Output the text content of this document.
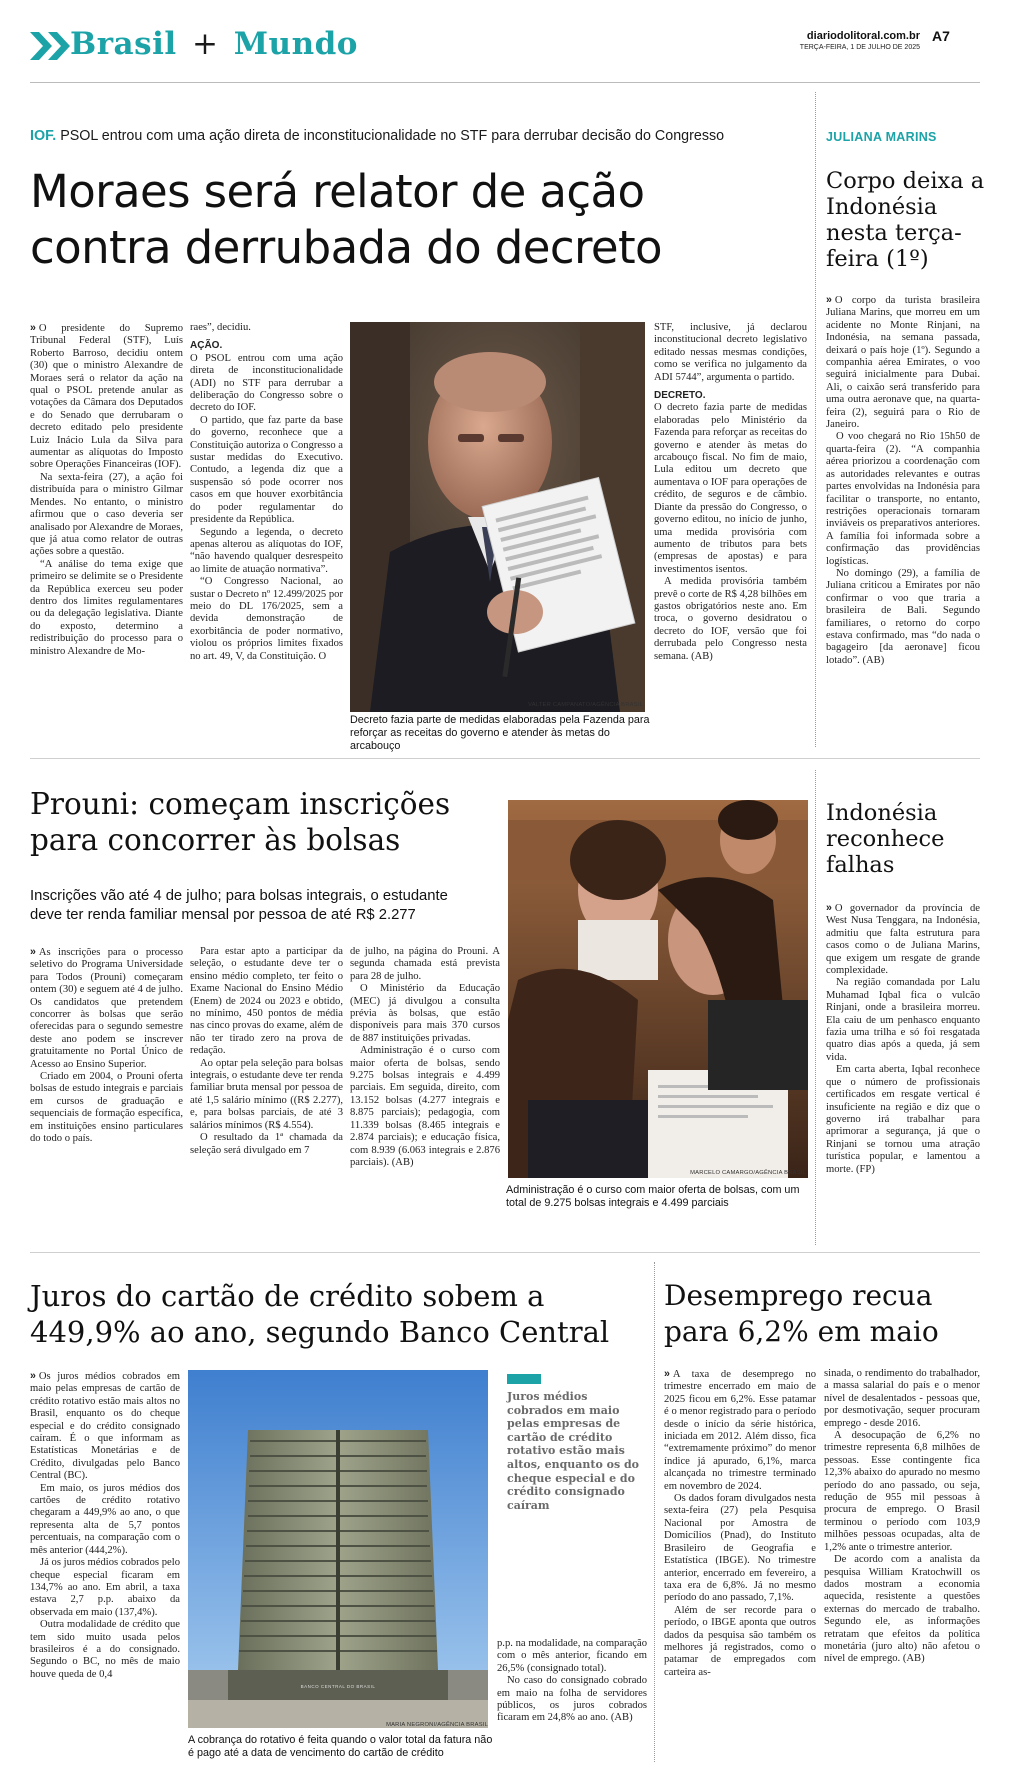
Brasil + Mundo	diariodolitoral.com.br
TERÇA-FEIRA, 1 DE JULHO DE 2025
A7
IOF. PSOL entrou com uma ação direta de inconstitucionalidade no STF para derrubar decisão do Congresso
Moraes será relator de ação
contra derrubada do decreto

» O presidente do Supremo Tribunal Federal (STF), Luís Roberto Barroso, decidiu ontem (30) que o ministro Alexandre de Moraes será o relator da ação na qual o PSOL pretende anular as votações da Câmara dos Deputados e do Senado que derrubaram o decreto editado pelo presidente Luiz Inácio Lula da Silva para aumentar as alíquotas do Imposto sobre Operações Financeiras (IOF).

Na sexta-feira (27), a ação foi distribuída para o ministro Gilmar Mendes. No entanto, o ministro afirmou que o caso deveria ser analisado por Alexandre de Moraes, que já atua como relator de outras ações sobre a questão.

“A análise do tema exige que primeiro se delimite se o Presidente da República exerceu seu poder dentro dos limites regulamentares ou da delegação legislativa. Diante do exposto, determino a redistribuição do processo para o ministro Alexandre de Mo-

raes”, decidiu.

AÇÃO.

O PSOL entrou com uma ação direta de inconstitucionalidade (ADI) no STF para derrubar a deliberação do Congresso sobre o decreto do IOF.

O partido, que faz parte da base do governo, reconhece que a Constituição autoriza o Congresso a sustar medidas do Executivo. Contudo, a legenda diz que a suspensão só pode ocorrer nos casos em que houver exorbitância do poder regulamentar do presidente da República.

Segundo a legenda, o decreto apenas alterou as alíquotas do IOF, “não havendo qualquer desrespeito ao limite de atuação normativa”.

“O Congresso Nacional, ao sustar o Decreto nº 12.499/2025 por meio do DL 176/2025, sem a devida demonstração de exorbitância de poder normativo, violou os próprios limites fixados no art. 49, V, da Constituição. O

VALTER CAMPANATO/AGÊNCIA BRASIL
Decreto fazia parte de medidas elaboradas pela Fazenda para reforçar as receitas do governo e atender às metas do arcabouço

STF, inclusive, já declarou inconstitucional decreto legislativo editado nessas mesmas condições, como se verifica no julgamento da ADI 5744”, argumenta o partido.

DECRETO.

O decreto fazia parte de medidas elaboradas pelo Ministério da Fazenda para reforçar as receitas do governo e atender às metas do arcabouço fiscal. No fim de maio, Lula editou um decreto que aumentava o IOF para operações de crédito, de seguros e de câmbio. Diante da pressão do Congresso, o governo editou, no início de junho, uma medida provisória com aumento de tributos para bets (empresas de apostas) e para investimentos isentos.

A medida provisória também prevê o corte de R$ 4,28 bilhões em gastos obrigatórios neste ano. Em troca, o governo desidratou o decreto do IOF, versão que foi derrubada pelo Congresso nesta semana. (AB)

JULIANA MARINS
Corpo deixa a Indonésia nesta terça-feira (1º)

» O corpo da turista brasileira Juliana Marins, que morreu em um acidente no Monte Rinjani, na Indonésia, na semana passada, deixará o país hoje (1º). Segundo a companhia aérea Emirates, o voo seguirá inicialmente para Dubai. Ali, o caixão será transferido para uma outra aeronave que, na quarta-feira (2), seguirá para o Rio de Janeiro.

O voo chegará no Rio 15h50 de quarta-feira (2). “A companhia aérea priorizou a coordenação com as autoridades relevantes e outras partes envolvidas na Indonésia para facilitar o transporte, no entanto, restrições operacionais tornaram inviáveis os preparativos anteriores. A família foi informada sobre a confirmação das providências logísticas.

No domingo (29), a família de Juliana criticou a Emirates por não confirmar o voo que traria a brasileira de Bali. Segundo familiares, o retorno do corpo estava confirmado, mas “do nada o bagageiro [da aeronave] ficou lotado”. (AB)

Prouni: começam inscrições
para concorrer às bolsas
Inscrições vão até 4 de julho; para bolsas integrais, o estudante
deve ter renda familiar mensal por pessoa de até R$ 2.277

» As inscrições para o processo seletivo do Programa Universidade para Todos (Prouni) começaram ontem (30) e seguem até 4 de julho. Os candidatos que pretendem concorrer às bolsas que serão oferecidas para o segundo semestre deste ano podem se inscrever gratuitamente no Portal Único de Acesso ao Ensino Superior.

Criado em 2004, o Prouni oferta bolsas de estudo integrais e parciais em cursos de graduação e sequenciais de formação específica, em instituições ensino particulares do todo o país.

Para estar apto a participar da seleção, o estudante deve ter o ensino médio completo, ter feito o Exame Nacional do Ensino Médio (Enem) de 2024 ou 2023 e obtido, no mínimo, 450 pontos de média nas cinco provas do exame, além de não ter tirado zero na prova de redação.

Ao optar pela seleção para bolsas integrais, o estudante deve ter renda familiar bruta mensal por pessoa de até 1,5 salário mínimo ((R$ 2.277), e, para bolsas parciais, de até 3 salários mínimos (R$ 4.554).

O resultado da 1ª chamada da seleção será divulgado em 7

de julho, na página do Prouni. A segunda chamada está prevista para 28 de julho.

O Ministério da Educação (MEC) já divulgou a consulta prévia às bolsas, que estão disponíveis para mais 370 cursos de 887 instituições privadas.

Administração é o curso com maior oferta de bolsas, sendo 9.275 bolsas integrais e 4.499 parciais. Em seguida, direito, com 13.152 bolsas (4.277 integrais e 8.875 parciais); pedagogia, com 11.339 bolsas (8.465 integrais e 2.874 parciais); e educação física, com 8.939 (6.063 integrais e 2.876 parciais). (AB)

MARCELO CAMARGO/AGÊNCIA BRASIL
Administração é o curso com maior oferta de bolsas, com um total de 9.275 bolsas integrais e 4.499 parciais
Indonésia reconhece falhas

» O governador da província de West Nusa Tenggara, na Indonésia, admitiu que falta estrutura para casos como o de Juliana Marins, que exigem um resgate de grande complexidade.

Na região comandada por Lalu Muhamad Iqbal fica o vulcão Rinjani, onde a brasileira morreu. Ela caiu de um penhasco enquanto fazia uma trilha e só foi resgatada quatro dias após a queda, já sem vida.

Em carta aberta, Iqbal reconhece que o número de profissionais certificados em resgate vertical é insuficiente na região e diz que o governo irá trabalhar para aprimorar a segurança, já que o Rinjani se tornou uma atração turística popular, e lamentou a morte. (FP)

Juros do cartão de crédito sobem a
449,9% ao ano, segundo Banco Central

» Os juros médios cobrados em maio pelas empresas de cartão de crédito rotativo estão mais altos no Brasil, enquanto os do cheque especial e do crédito consignado caíram. É o que informam as Estatísticas Monetárias e de Crédito, divulgadas pelo Banco Central (BC).

Em maio, os juros médios dos cartões de crédito rotativo chegaram a 449,9% ao ano, o que representa alta de 5,7 pontos percentuais, na comparação com o mês anterior (444,2%).

Já os juros médios cobrados pelo cheque especial ficaram em 134,7% ao ano. Em abril, a taxa estava 2,7 p.p. abaixo da observada em maio (137,4%).

Outra modalidade de crédito que tem sido muito usada pelos brasileiros é a do consignado. Segundo o BC, no mês de maio houve queda de 0,4

BANCO CENTRAL DO BRASIL
MARIA NEGRONI/AGÊNCIA BRASIL
A cobrança do rotativo é feita quando o valor total da fatura não
é pago até a data de vencimento do cartão de crédito
Juros médios cobrados em maio pelas empresas de cartão de crédito rotativo estão mais altos, enquanto os do cheque especial e do crédito consignado caíram

p.p. na modalidade, na comparação com o mês anterior, ficando em 26,5% (consignado total).

No caso do consignado cobrado em maio na folha de servidores públicos, os juros cobrados ficaram em 24,8% ao ano. (AB)

Desemprego recua
para 6,2% em maio

» A taxa de desemprego no trimestre encerrado em maio de 2025 ficou em 6,2%. Esse patamar é o menor registrado para o período desde o início da série histórica, iniciada em 2012. Além disso, fica “extremamente próximo” do menor índice já apurado, 6,1%, marca alcançada no trimestre terminado em novembro de 2024.

Os dados foram divulgados nesta sexta-feira (27) pela Pesquisa Nacional por Amostra de Domicílios (Pnad), do Instituto Brasileiro de Geografia e Estatística (IBGE). No trimestre anterior, encerrado em fevereiro, a taxa era de 6,8%. Já no mesmo período do ano passado, 7,1%.

Além de ser recorde para o período, o IBGE aponta que outros dados da pesquisa são também os melhores já registrados, como o patamar de empregados com carteira as-

sinada, o rendimento do trabalhador, a massa salarial do país e o menor nível de desalentados - pessoas que, por desmotivação, sequer procuram emprego - desde 2016.

A desocupação de 6,2% no trimestre representa 6,8 milhões de pessoas. Esse contingente fica 12,3% abaixo do apurado no mesmo período do ano passado, ou seja, redução de 955 mil pessoas à procura de emprego. O Brasil terminou o período com 103,9 milhões pessoas ocupadas, alta de 1,2% ante o trimestre anterior.

De acordo com a analista da pesquisa William Kratochwill os dados mostram a economia aquecida, resistente a questões externas do mercado de trabalho. Segundo ele, as informações retratam que efeitos da política monetária (juro alto) não afetou o nível de emprego. (AB)
